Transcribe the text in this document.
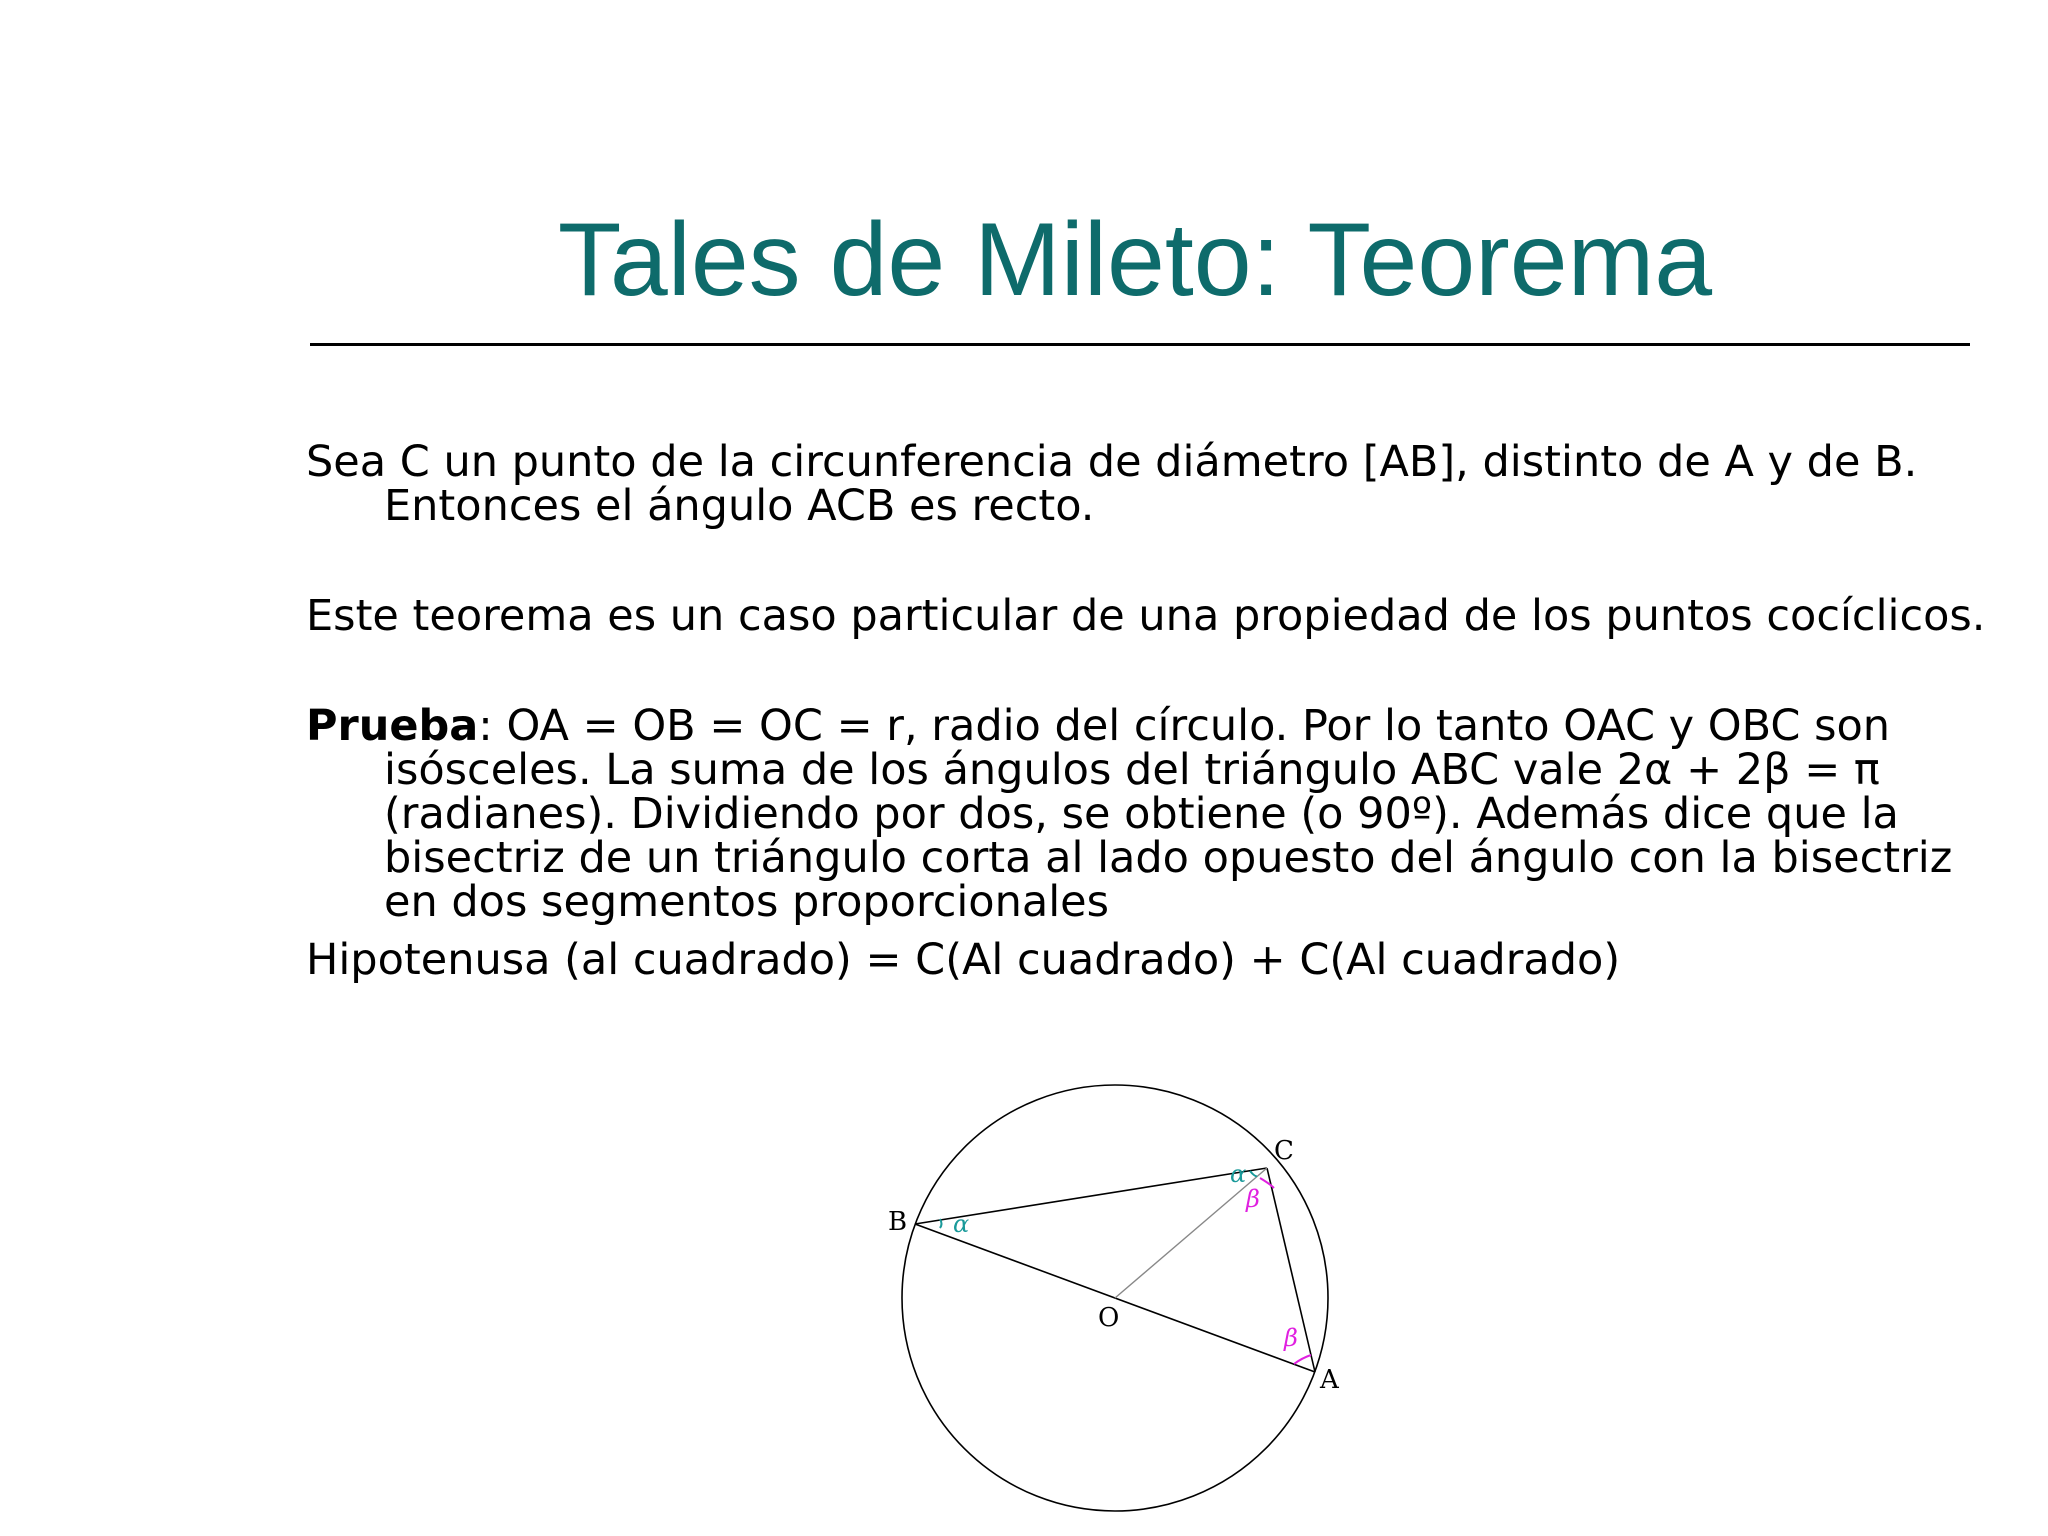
Tales de Mileto: Teorema

Sea C un punto de la circunferencia de diámetro [AB], distinto de A y de B. Entonces el ángulo ACB es recto.

Este teorema es un caso particular de una propiedad de los puntos cocíclicos.

Prueba: OA = OB = OC = r, radio del círculo. Por lo tanto OAC y OBC son isósceles. La suma de los ángulos del triángulo ABC vale 2α + 2β = π (radianes). Dividiendo por dos, se obtiene (o 90º). Además dice que la bisectriz de un triángulo corta al lado opuesto del ángulo con la bisectriz en dos segmentos proporcionales

Hipotenusa (al cuadrado) = C(Al cuadrado) + C(Al cuadrado)

B
C
A
O
α
α
β
β
